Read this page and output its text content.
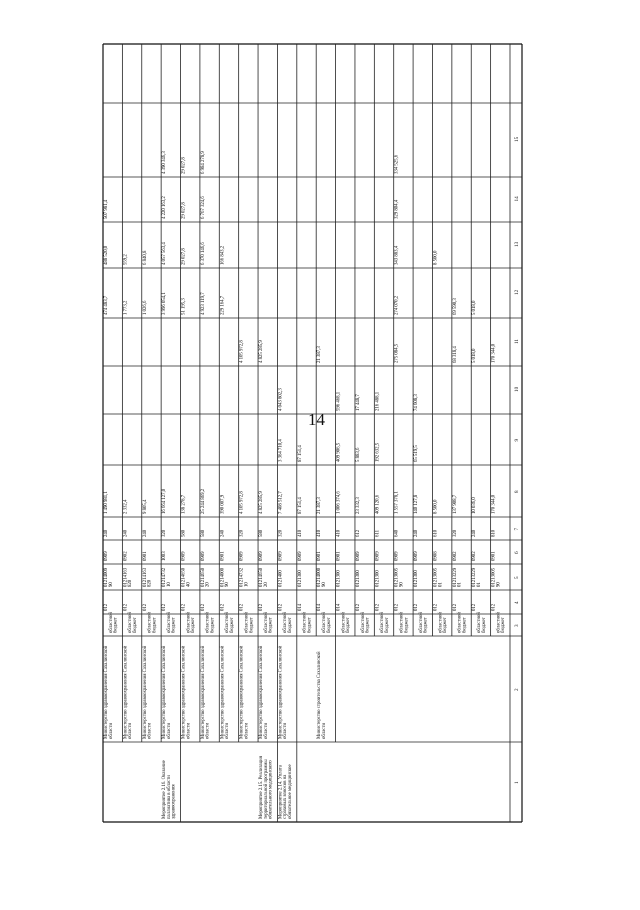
1
2
3
4
5
6
7
8
9
10
11
12
13
14
15
областной бюджет
012
01213005 90
0901
810
170 344,0
170 344,0
областной бюджет
012
01213229 01
0902
240
10 036,0
5 018,0
5 018,0
областной бюджет
012
01213229 01
0902
320
137 908,7
68 318,4
69 590,3
областной бюджет
012
01213005 01
0908
610
8 500,0
8 500,0
областной бюджет
012
0121300
0909
240
140 127,8
65 519,5
74 608,3
областной бюджет
012
01213005 90
0909
640
1 557 378,1
275 084,5
274 070,2
343 883,4
329 804,4
334 525,6
областной бюджет
012
0121300
0909
611
409 120,6
192 632,5
216 488,1
областной бюджет
012
0121300
0909
612
23 332,3
5 883,6
17 448,7
областной бюджет
014
0121300
0901
410
1 006 374,6
409 906,5
596 468,1
Министерство строительства Сахалинской области
областной бюджет
014
01214000 90
0901
410
21 387,3
21 387,3
областной бюджет
014
0121300
0909
410
87 151,4
87 151,4
Мероприятие 2.14. Уплата страховых взносов на обязательное медицинское
Министерство здравоохранения Сахалинской области
областной бюджет
012
0121400
0909
320
7 408 512,7
3 364 710,4
4 043 802,3
Мероприятие 2.15. Реализация территориальной программы обязательного медицинского
Министерство здравоохранения Сахалинской области
областной бюджет
012
01214650 20
0909
580
4 825 285,9
4 825 285,9
Министерство здравоохранения Сахалинской области
областной бюджет
012
01214732 10
0909
320
4 105 972,8
4 105 972,8
Министерство здравоохранения Сахалинской области
областной бюджет
012
01214000 90
0901
240
390 007,9
229 164,7
166 843,2
Министерство здравоохранения Сахалинской области
областной бюджет
012
01214650 20
0909
580
25 244 869,2
4 923 119,7
6 370 146,6
6 767 324,6
6 984 278,9
Министерство здравоохранения Сахалинской области
областной бюджет
012
01214650 40
0909
580
138 278,7
51 195,3
29 027,8
29 027,8
29 027,8
Мероприятие 2.16. Оказание паллиатива в области здравоохранения
Министерство здравоохранения Сахалинской области
областной бюджет
012
01214732 10
1003
320
16 664 127,0
3 996 054,1
4 057 563,4
4 220 163,2
4 390 346,3
Министерство здравоохранения Сахалинской области
областной бюджет
012
01214163 820
0901
240
9 805,4
1 026,6
6 840,8
Министерство здравоохранения Сахалинской области
областной бюджет
012
01214163 820
0902
240
2 332,4
1 773,2
559,2
Министерство здравоохранения Сахалинской области
областной бюджет
012
01214009 90
0909
240
1 490 981,1
474 483,7
488 520,0
507 981,4
14
